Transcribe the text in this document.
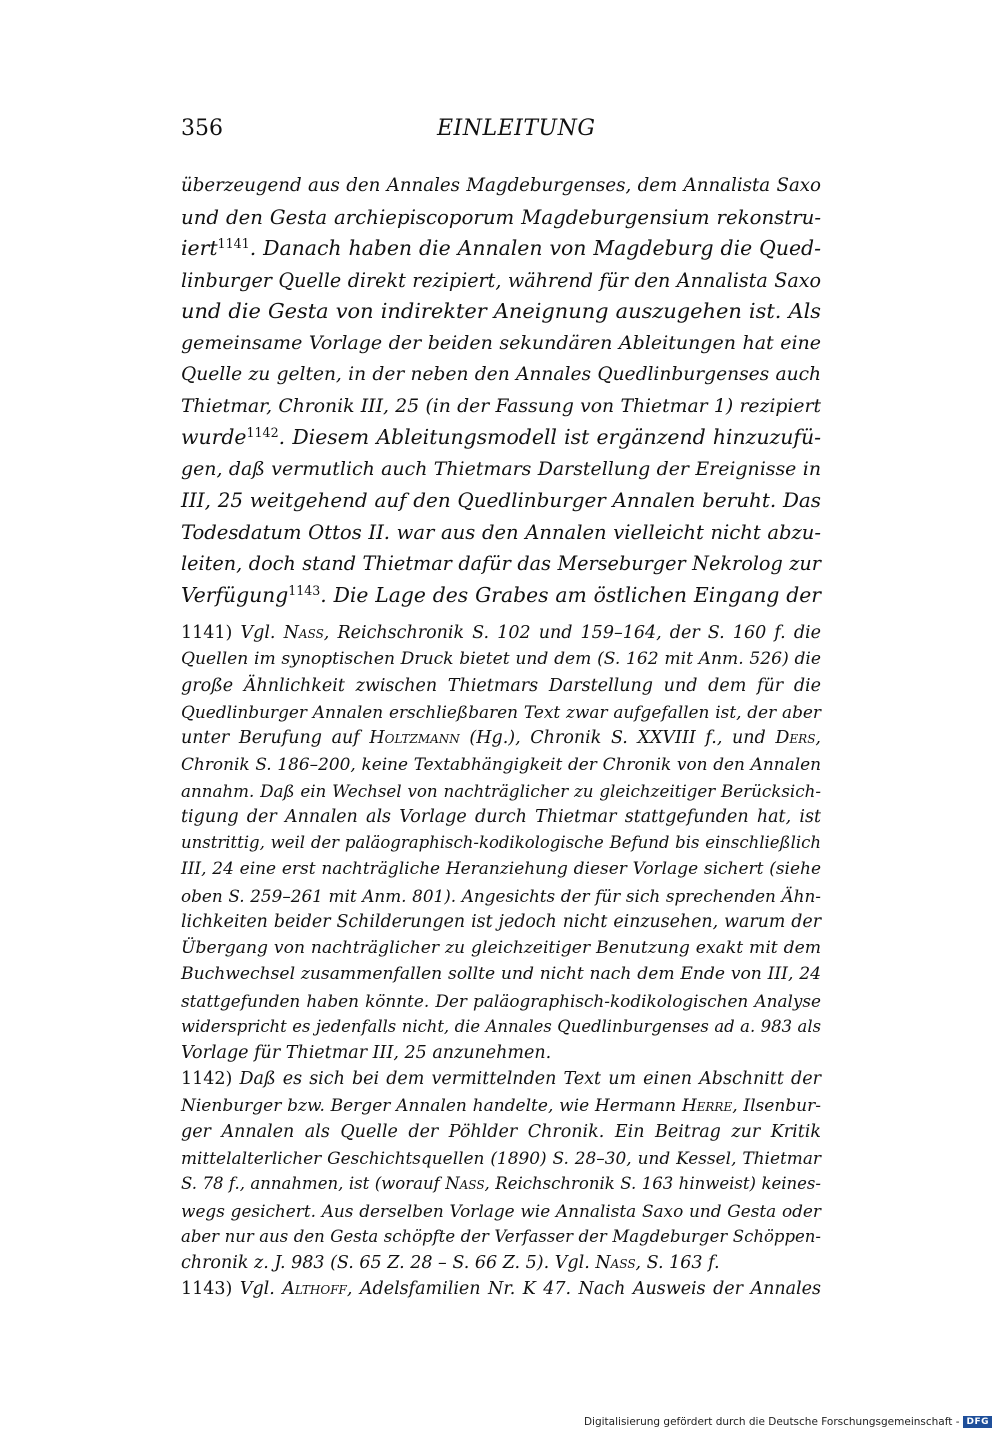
356	EINLEITUNG
überzeugend aus den Annales Magdeburgenses, dem Annalista Saxo
und den Gesta archiepiscoporum Magdeburgensium rekonstru-
iert$^{1141}$. Danach haben die Annalen von Magdeburg die Qued-
linburger Quelle direkt rezipiert, während für den Annalista Saxo
und die Gesta von indirekter Aneignung auszugehen ist. Als
gemeinsame Vorlage der beiden sekundären Ableitungen hat eine
Quelle zu gelten, in der neben den Annales Quedlinburgenses auch
Thietmar, Chronik III, 25 (in der Fassung von Thietmar 1) rezipiert
wurde$^{1142}$. Diesem Ableitungsmodell ist ergänzend hinzuzufü-
gen, daß vermutlich auch Thietmars Darstellung der Ereignisse in
III, 25 weitgehend auf den Quedlinburger Annalen beruht. Das
Todesdatum Ottos II. war aus den Annalen vielleicht nicht abzu-
leiten, doch stand Thietmar dafür das Merseburger Nekrolog zur
Verfügung$^{1143}$. Die Lage des Grabes am östlichen Eingang der
1141) Vgl. Nass, Reichschronik S. 102 und 159–164, der S. 160 f. die
Quellen im synoptischen Druck bietet und dem (S. 162 mit Anm. 526) die
große Ähnlichkeit zwischen Thietmars Darstellung und dem für die
Quedlinburger Annalen erschließbaren Text zwar aufgefallen ist, der aber
unter Berufung auf Holtzmann (Hg.), Chronik S. XXVIII f., und Ders,
Chronik S. 186–200, keine Textabhängigkeit der Chronik von den Annalen
annahm. Daß ein Wechsel von nachträglicher zu gleichzeitiger Berücksich-
tigung der Annalen als Vorlage durch Thietmar stattgefunden hat, ist
unstrittig, weil der paläographisch-kodikologische Befund bis einschließlich
III, 24 eine erst nachträgliche Heranziehung dieser Vorlage sichert (siehe
oben S. 259–261 mit Anm. 801). Angesichts der für sich sprechenden Ähn-
lichkeiten beider Schilderungen ist jedoch nicht einzusehen, warum der
Übergang von nachträglicher zu gleichzeitiger Benutzung exakt mit dem
Buchwechsel zusammenfallen sollte und nicht nach dem Ende von III, 24
stattgefunden haben könnte. Der paläographisch-kodikologischen Analyse
widerspricht es jedenfalls nicht, die Annales Quedlinburgenses ad a. 983 als
Vorlage für Thietmar III, 25 anzunehmen.
1142) Daß es sich bei dem vermittelnden Text um einen Abschnitt der
Nienburger bzw. Berger Annalen handelte, wie Hermann Herre, Ilsenbur-
ger Annalen als Quelle der Pöhlder Chronik. Ein Beitrag zur Kritik
mittelalterlicher Geschichtsquellen (1890) S. 28–30, und Kessel, Thietmar
S. 78 f., annahmen, ist (worauf Nass, Reichschronik S. 163 hinweist) keines-
wegs gesichert. Aus derselben Vorlage wie Annalista Saxo und Gesta oder
aber nur aus den Gesta schöpfte der Verfasser der Magdeburger Schöppen-
chronik z. J. 983 (S. 65 Z. 28 – S. 66 Z. 5). Vgl. Nass, S. 163 f.
1143) Vgl. Althoff, Adelsfamilien Nr. K 47. Nach Ausweis der Annales
Digitalisierung gefördert durch die Deutsche Forschungsgemeinschaft - DFG
